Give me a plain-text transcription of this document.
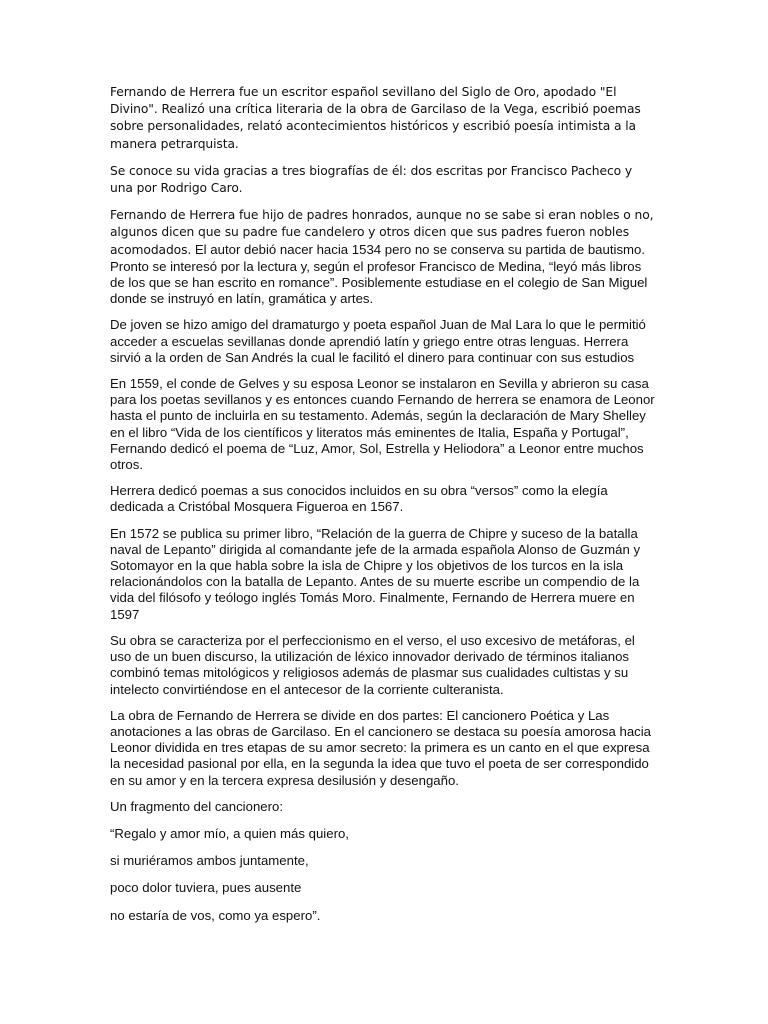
Fernando de Herrera fue un escritor español sevillano del Siglo de Oro, apodado "El Divino". Realizó una crítica literaria de la obra de Garcilaso de la Vega, escribió poemas sobre personalidades, relató acontecimientos históricos y escribió poesía intimista a la manera petrarquista.

Se conoce su vida gracias a tres biografías de él: dos escritas por Francisco Pacheco y una por Rodrigo Caro.

Fernando de Herrera fue hijo de padres honrados, aunque no se sabe si eran nobles o no, algunos dicen que su padre fue candelero y otros dicen que sus padres fueron nobles acomodados. El autor debió nacer hacia 1534 pero no se conserva su partida de bautismo. Pronto se interesó por la lectura y, según el profesor Francisco de Medina, “leyó más libros de los que se han escrito en romance”. Posiblemente estudiase en el colegio de San Miguel donde se instruyó en latín, gramática y artes.

De joven se hizo amigo del dramaturgo y poeta español Juan de Mal Lara lo que le permitió acceder a escuelas sevillanas donde aprendió latín y griego entre otras lenguas. Herrera sirvió a la orden de San Andrés la cual le facilitó el dinero para continuar con sus estudios

En 1559, el conde de Gelves y su esposa Leonor se instalaron en Sevilla y abrieron su casa para los poetas sevillanos y es entonces cuando Fernando de herrera se enamora de Leonor hasta el punto de incluirla en su testamento. Además, según la declaración de Mary Shelley en el libro “Vida de los científicos y literatos más eminentes de Italia, España y Portugal”, Fernando dedicó el poema de “Luz, Amor, Sol, Estrella y Heliodora” a Leonor entre muchos otros.

Herrera dedicó poemas a sus conocidos incluidos en su obra “versos” como la elegía dedicada a Cristóbal Mosquera Figueroa en 1567.

En 1572 se publica su primer libro, “Relación de la guerra de Chipre y suceso de la batalla naval de Lepanto” dirigida al comandante jefe de la armada española Alonso de Guzmán y Sotomayor en la que habla sobre la isla de Chipre y los objetivos de los turcos en la isla relacionándolos con la batalla de Lepanto. Antes de su muerte escribe un compendio de la vida del filósofo y teólogo inglés Tomás Moro. Finalmente, Fernando de Herrera muere en 1597

Su obra se caracteriza por el perfeccionismo en el verso, el uso excesivo de metáforas, el uso de un buen discurso, la utilización de léxico innovador derivado de términos italianos combinó temas mitológicos y religiosos además de plasmar sus cualidades cultistas y su intelecto convirtiéndose en el antecesor de la corriente culteranista.

La obra de Fernando de Herrera se divide en dos partes: El cancionero Poética y Las anotaciones a las obras de Garcilaso. En el cancionero se destaca su poesía amorosa hacia Leonor dividida en tres etapas de su amor secreto: la primera es un canto en el que expresa la necesidad pasional por ella, en la segunda la idea que tuvo el poeta de ser correspondido en su amor y en la tercera expresa desilusión y desengaño.

Un fragmento del cancionero:

“Regalo y amor mío, a quien más quiero,

si muriéramos ambos juntamente,

poco dolor tuviera, pues ausente

no estaría de vos, como ya espero”.
